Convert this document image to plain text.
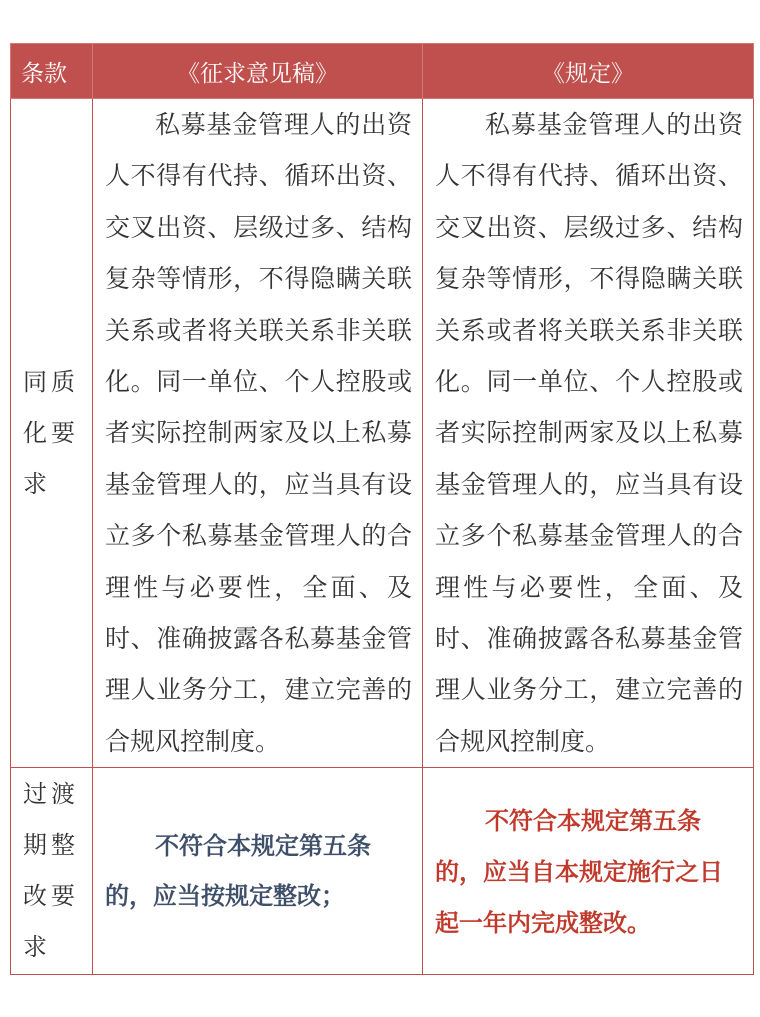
条款	《征求意见稿》	《规定》

同质化要求	私募基金管理人的出资人不得有代持、循环出资、交叉出资、层级过多、结构复杂等情形，不得隐瞒关联关系或者将关联关系非关联化。同一单位、个人控股或者实际控制两家及以上私募基金管理人的，应当具有设立多个私募基金管理人的合理性与必要性，全面、及时、准确披露各私募基金管理人业务分工，建立完善的合规风控制度。	私募基金管理人的出资人不得有代持、循环出资、交叉出资、层级过多、结构复杂等情形，不得隐瞒关联关系或者将关联关系非关联化。同一单位、个人控股或者实际控制两家及以上私募基金管理人的，应当具有设立多个私募基金管理人的合理性与必要性，全面、及时、准确披露各私募基金管理人业务分工，建立完善的合规风控制度。

过渡期整改要求	不符合本规定第五条的，应当按规定整改；	不符合本规定第五条的，应当自本规定施行之日起一年内完成整改。
